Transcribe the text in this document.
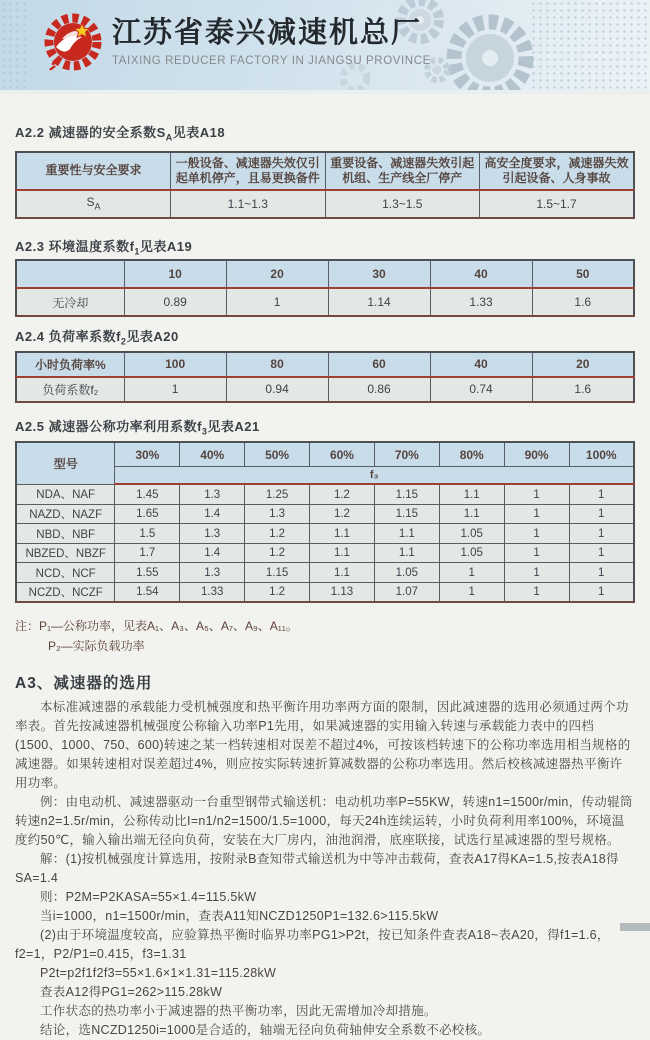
江苏省泰兴减速机总厂
TAIXING REDUCER FACTORY IN JIANGSU PROVINCE
A2.2 减速器的安全系数$S_A$见表A18
重要性与安全要求	一般设备、减速器失效仅引起单机停产，且易更换备件	重要设备、减速器失效引起机组、生产线全厂停产	高安全度要求，减速器失效引起设备、人身事故
$S_A$	1.1~1.3	1.3~1.5	1.5~1.7
A2.3 环境温度系数$f_1$见表A19
	10	20	30	40	50
无冷却	0.89	1	1.14	1.33	1.6
A2.4 负荷率系数$f_2$见表A20
小时负荷率%	100	80	60	40	20
负荷系数f₂	1	0.94	0.86	0.74	1.6
A2.5 减速器公称功率利用系数$f_3$见表A21
型号	30%	40%	50%	60%	70%	80%	90%	100%
	f₃							
NDA、NAF	1.45	1.3	1.25	1.2	1.15	1.1	1	1
NAZD、NAZF	1.65	1.4	1.3	1.2	1.15	1.1	1	1
NBD、NBF	1.5	1.3	1.2	1.1	1.1	1.05	1	1
NBZED、NBZF	1.7	1.4	1.2	1.1	1.1	1.05	1	1
NCD、NCF	1.55	1.3	1.15	1.1	1.05	1	1	1
NCZD、NCZF	1.54	1.33	1.2	1.13	1.07	1	1	1
注：P₁—公称功率，见表A₁、A₃、A₅、A₇、A₉、A₁₁。
P₂—实际负载功率
A3、减速器的选用

本标准减速器的承载能力受机械强度和热平衡许用功率两方面的限制，因此减速器的选用必须通过两个功率表。首先按减速器机械强度公称输入功率P1先用，如果减速器的实用输入转速与承载能力表中的四档(1500、1000、750、600)转速之某一档转速相对误差不超过4%，可按该档转速下的公称功率选用相当规格的减速器。如果转速相对误差超过4%，则应按实际转速折算减数器的公称功率选用。然后校核减速器热平衡许用功率。

例：由电动机、减速器驱动一台重型钢带式输送机：电动机功率P=55KW，转速n1=1500r/min，传动辊筒转速n2=1.5r/min，公称传动比I=n1/n2=1500/1.5=1000，每天24h连续运转，小时负荷利用率100%，环境温度约50℃，输入输出端无径向负荷，安装在大厂房内，油池润滑，底座联接，试选行星减速器的型号规格。

解：(1)按机械强度计算选用，按附录B查知带式输送机为中等冲击载荷，查表A17得KA=1.5,按表A18得SA=1.4

则：P2M=P2KASA=55×1.4=115.5kW

当i=1000，n1=1500r/min，查表A11知NCZD1250P1=132.6>115.5kW

(2)由于环境温度较高，应验算热平衡时临界功率PG1>P2t，按已知条件查表A18~表A20，得f1=1.6，f2=1，P2/P1=0.415，f3=1.31

P2t=p2f1f2f3=55×1.6×1×1.31=115.28kW

查表A12得PG1=262>115.28kW

工作状态的热功率小于减速器的热平衡功率，因此无需增加冷却措施。

结论，选NCZD1250i=1000是合适的，轴端无径向负荷轴伸安全系数不必校核。
